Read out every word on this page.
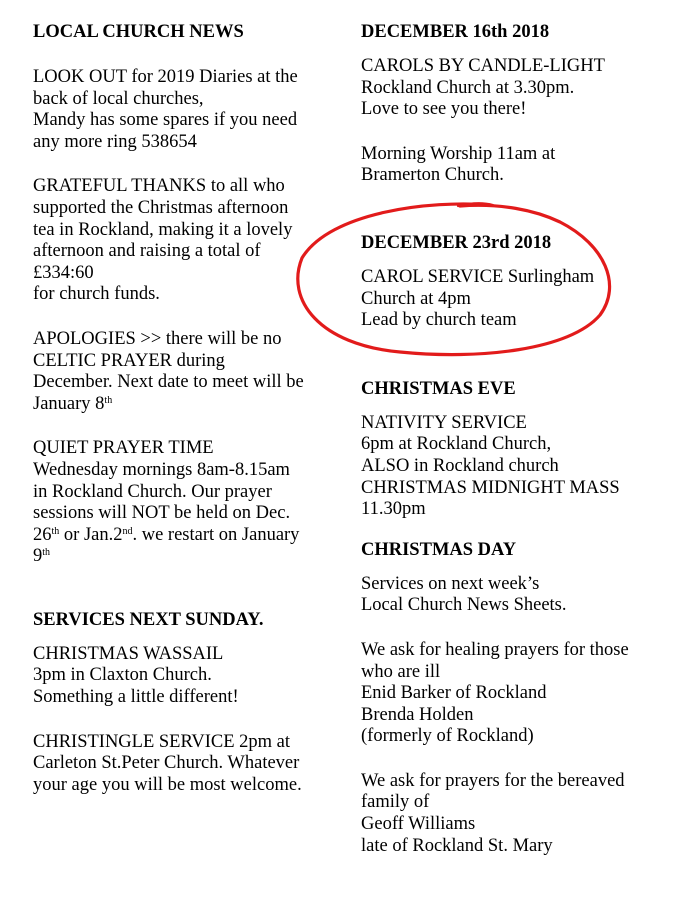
LOCAL CHURCH NEWS

LOOK OUT for 2019 Diaries at the
back of local churches,
Mandy has some spares if you need
any more ring 538654

GRATEFUL THANKS to all who
supported the Christmas afternoon
tea in Rockland, making it a lovely
afternoon and raising a total of
£334:60
for church funds.

APOLOGIES >> there will be no
CELTIC PRAYER during
December. Next date to meet will be
January 8th

QUIET PRAYER TIME
Wednesday mornings 8am-8.15am
in Rockland Church. Our prayer
sessions will NOT be held on Dec.
26th or Jan.2nd. we restart on January
9th

SERVICES NEXT SUNDAY.

CHRISTMAS WASSAIL
3pm in Claxton Church.
Something a little different!

CHRISTINGLE SERVICE 2pm at
Carleton St.Peter Church. Whatever
your age you will be most welcome.

DECEMBER 16th 2018

CAROLS BY CANDLE-LIGHT
Rockland Church at 3.30pm.
Love to see you there!

Morning Worship 11am at
Bramerton Church.

DECEMBER 23rd 2018

CAROL SERVICE Surlingham
Church at 4pm
Lead by church team

CHRISTMAS EVE

NATIVITY SERVICE
6pm at Rockland Church,
ALSO in Rockland church
CHRISTMAS MIDNIGHT MASS
11.30pm

CHRISTMAS DAY

Services on next week’s
Local Church News Sheets.

We ask for healing prayers for those
who are ill
Enid Barker of Rockland
Brenda Holden
(formerly of Rockland)

We ask for prayers for the bereaved
family of
Geoff Williams
late of Rockland St. Mary
